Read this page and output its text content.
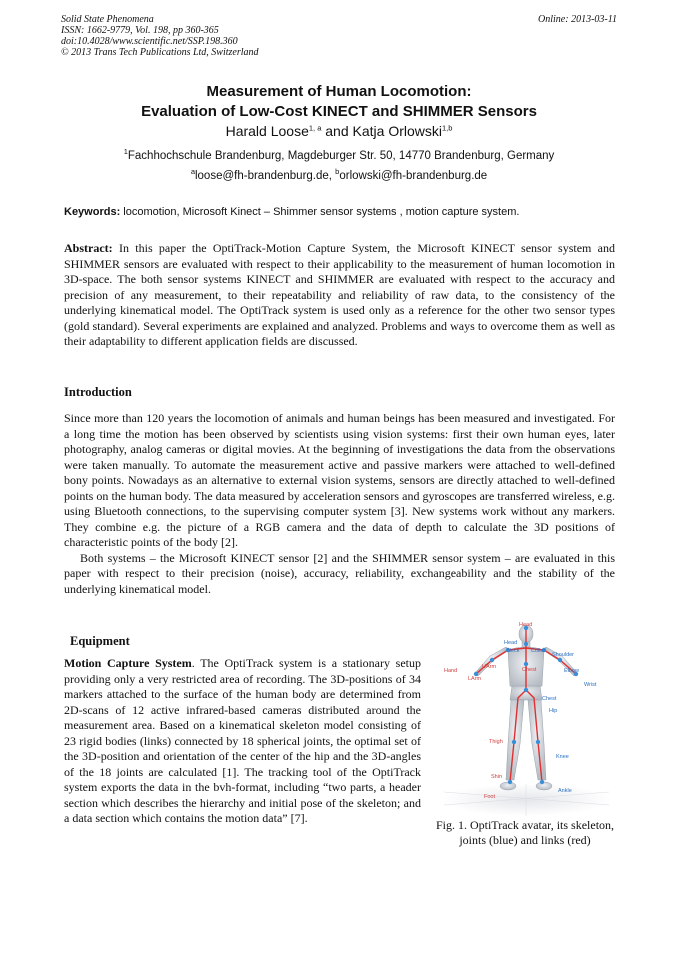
Solid State Phenomena
ISSN: 1662-9779, Vol. 198, pp 360-365
doi:10.4028/www.scientific.net/SSP.198.360
© 2013 Trans Tech Publications Ltd, Switzerland
Online: 2013-03-11
Measurement of Human Locomotion:
Evaluation of Low-Cost KINECT and SHIMMER Sensors
Harald Loose$^{1, a}$ and Katja Orlowski$^{1,b}$
$^1$Fachhochschule Brandenburg, Magdeburger Str. 50, 14770 Brandenburg, Germany
$^a$loose@fh-brandenburg.de, $^b$orlowski@fh-brandenburg.de
Keywords: locomotion, Microsoft Kinect – Shimmer sensor systems , motion capture system.
Abstract: In this paper the OptiTrack-Motion Capture System, the Microsoft KINECT sensor system and SHIMMER sensors are evaluated with respect to their applicability to the measurement of human locomotion in 3D-space. The both sensor systems KINECT and SHIMMER are evaluated with respect to the accuracy and precision of any measurement, to their repeatability and reliability of raw data, to the consistency of the underlying kinematical model. The OptiTrack system is used only as a reference for the other two sensor types (gold standard). Several experiments are explained and analyzed. Problems and ways to overcome them as well as their adaptability to different application fields are discussed.
Introduction

Since more than 120 years the locomotion of animals and human beings has been measured and investigated. For a long time the motion has been observed by scientists using vision systems: first their own human eyes, later photography, analog cameras or digital movies. At the beginning of investigations the data from the observations were taken manually. To automate the measurement active and passive markers were attached to well-defined bony points. Nowadays as an alternative to external vision systems, sensors are directly attached to well-defined points on the human body. The data measured by acceleration sensors and gyroscopes are transferred wireless, e.g. using Bluetooth connections, to the supervising computer system [3]. New systems work without any markers. They combine e.g. the picture of a RGB camera and the data of depth to calculate the 3D positions of characteristic points of the body [2].

Both systems – the Microsoft KINECT sensor [2] and the SHIMMER sensor system – are evaluated in this paper with respect to their precision (noise), accuracy, reliability, exchangeability and the stability of the underlying kinematical model.

Equipment
Motion Capture System. The OptiTrack system is a stationary setup providing only a very restricted area of recording. The 3D-positions of 34 markers attached to the surface of the human body are determined from 2D-scans of 12 active infrared-based cameras distributed around the measurement area. Based on a kinematical skeleton model consisting of 23 rigid bodies (links) connected by 18 spherical joints, the optimal set of the 3D-position and orientation of the center of the hip and the 3D-angles of the 18 joints are calculated [1]. The tracking tool of the OptiTrack system exports the data in the bvh-format, including “two parts, a header section which describes the hierarchy and initial pose of the skeleton; and a data section which contains the motion data” [7].
Head
Head
Neck Collar
Shoulder
Hand
UArm	Chest	Elbow
LArm
Wrist
Chest
Hip
Thigh
Knee
Shin
Ankle
Foot
Fig. 1. OptiTrack avatar, its skeleton, joints (blue) and links (red)
